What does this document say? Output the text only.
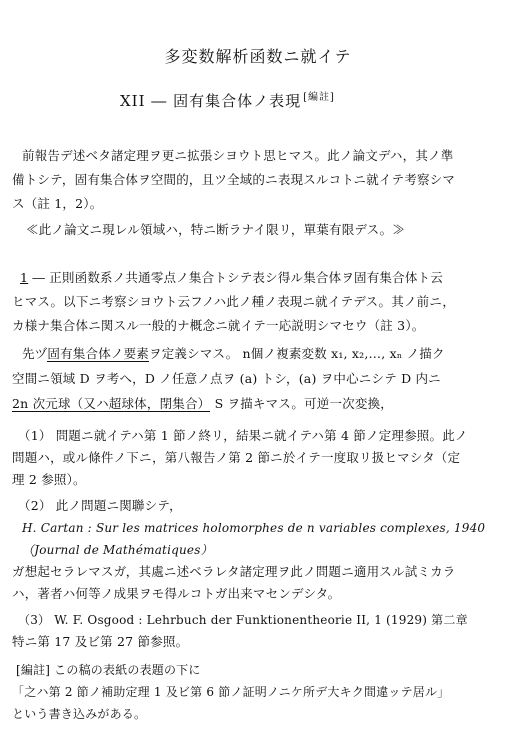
多変数解析函数ニ就イテ
XII ― 固有集合体ノ表現 [編註]
前報告デ述ベタ諸定理ヲ更ニ拡張シヨウト思ヒマス。此ノ論文デハ，其ノ準
備トシテ，固有集合体ヲ空間的，且ツ全域的ニ表現スルコトニ就イテ考察シマ
ス（註 1，2）。
≪此ノ論文ニ現レル領域ハ，特ニ断ラナイ限リ，單葉有限デス。≫
1 ― 正則函数系ノ共通零点ノ集合トシテ表シ得ル集合体ヲ固有集合体ト云
ヒマス。以下ニ考察シヨウト云フノハ此ノ種ノ表現ニ就イテデス。其ノ前ニ，
カ様ナ集合体ニ関スル一般的ナ概念ニ就イテ一応説明シマセウ（註 3）。
先ヅ固有集合体ノ要素ヲ定義シマス。 n個ノ複素変数 x₁, x₂,…, xₙ ノ描ク
空間ニ領域 D ヲ考へ，D ノ任意ノ点ヲ (a) トシ，(a) ヲ中心ニシテ D 内ニ
2n 次元球（又ハ超球体，閉集合） S ヲ描キマス。可逆一次変換，
（1） 問題ニ就イテハ第 1 節ノ終リ，結果ニ就イテハ第 4 節ノ定理参照。此ノ
問題ハ，或ル條件ノ下ニ，第八報告ノ第 2 節ニ於イテ一度取リ扱ヒマシタ（定
理 2 参照）。
（2） 此ノ問題ニ関聯シテ，
H. Cartan : Sur les matrices holomorphes de n variables complexes, 1940
（Journal de Mathématiques）
ガ想起セラレマスガ，其處ニ述ベラレタ諸定理ヲ此ノ問題ニ適用スル試ミカラ
ハ，著者ハ何等ノ成果ヲモ得ルコトガ出来マセンデシタ。
（3） W. F. Osgood : Lehrbuch der Funktionentheorie II, 1 (1929) 第二章
特ニ第 17 及ビ第 27 節参照。
[編註] この稿の表紙の表題の下に
「之ハ第 2 節ノ補助定理 1 及ビ第 6 節ノ証明ノニケ所デ大キク間違ッテ居ル」
という書き込みがある。
